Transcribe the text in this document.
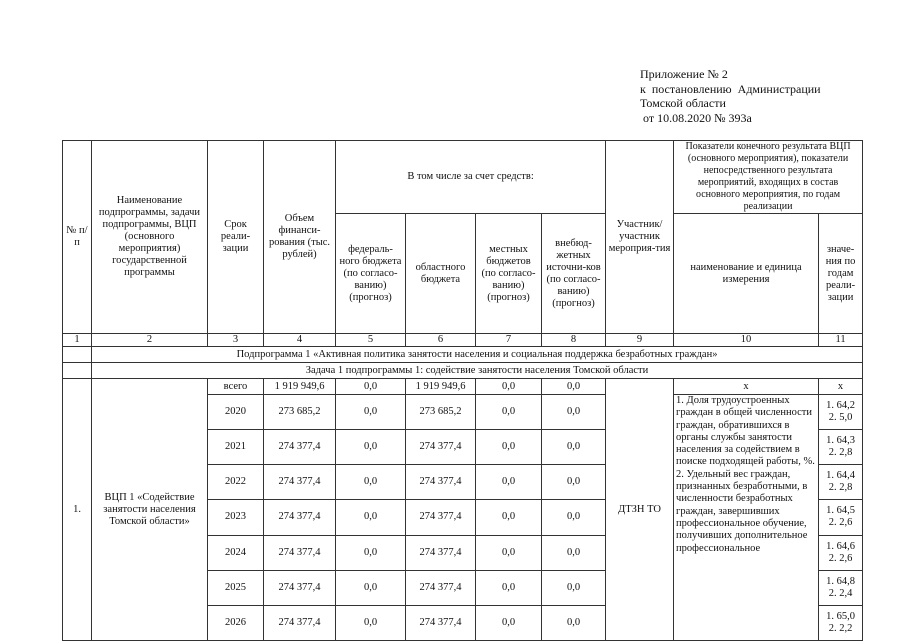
Приложение № 2
к  постановлению  Администрации
Томской области
от 10.08.2020 № 393а
№ п/п	Наименование подпрограммы, задачи подпрограммы, ВЦП (основного мероприятия) государственной программы	Срок реали-зации	Объем финанси-рования (тыс. рублей)	В том числе за счет средств:				Участник/ участник мероприя-тия	Показатели конечного результата ВЦП (основного мероприятия), показатели непосредственного результата мероприятий, входящих в состав основного мероприятия, по годам реализации	
				федераль-ного бюджета (по согласо-ванию) (прогноз)	областного бюджета	местных бюджетов (по согласо-ванию) (прогноз)	внебюд-жетных источни-ков (по согласо-ванию) (прогноз)		наименование и единица измерения	значе-ния по годам реали-зации
1	2	3	4	5	6	7	8	9	10	11
	Подпрограмма 1 «Активная политика занятости населения и социальная поддержка безработных граждан»									
	Задача 1 подпрограммы 1: содействие занятости населения Томской области									
1.	ВЦП 1 «Содействие занятости населения Томской области»	всего	1 919 949,6	0,0	1 919 949,6	0,0	0,0	ДТЗН ТО	х	х
		2020	273 685,2	0,0	273 685,2	0,0	0,0		1. Доля трудоустроенных граждан в общей численности граждан, обратившихся в органы службы занятости населения за содействием в поиске подходящей работы, %. 2. Удельный вес граждан, признанных безработными, в численности безработных граждан, завершивших профессиональное обучение, получивших дополнительное профессиональное	1. 64,2
2. 5,0

		2021	274 377,4	0,0	274 377,4	0,0	0,0			1. 64,3
2. 2,8

		2022	274 377,4	0,0	274 377,4	0,0	0,0			1. 64,4
2. 2,8

		2023	274 377,4	0,0	274 377,4	0,0	0,0			1. 64,5
2. 2,6

		2024	274 377,4	0,0	274 377,4	0,0	0,0			1. 64,6
2. 2,6

		2025	274 377,4	0,0	274 377,4	0,0	0,0			1. 64,8
2. 2,4

		2026	274 377,4	0,0	274 377,4	0,0	0,0			1. 65,0
2. 2,2
